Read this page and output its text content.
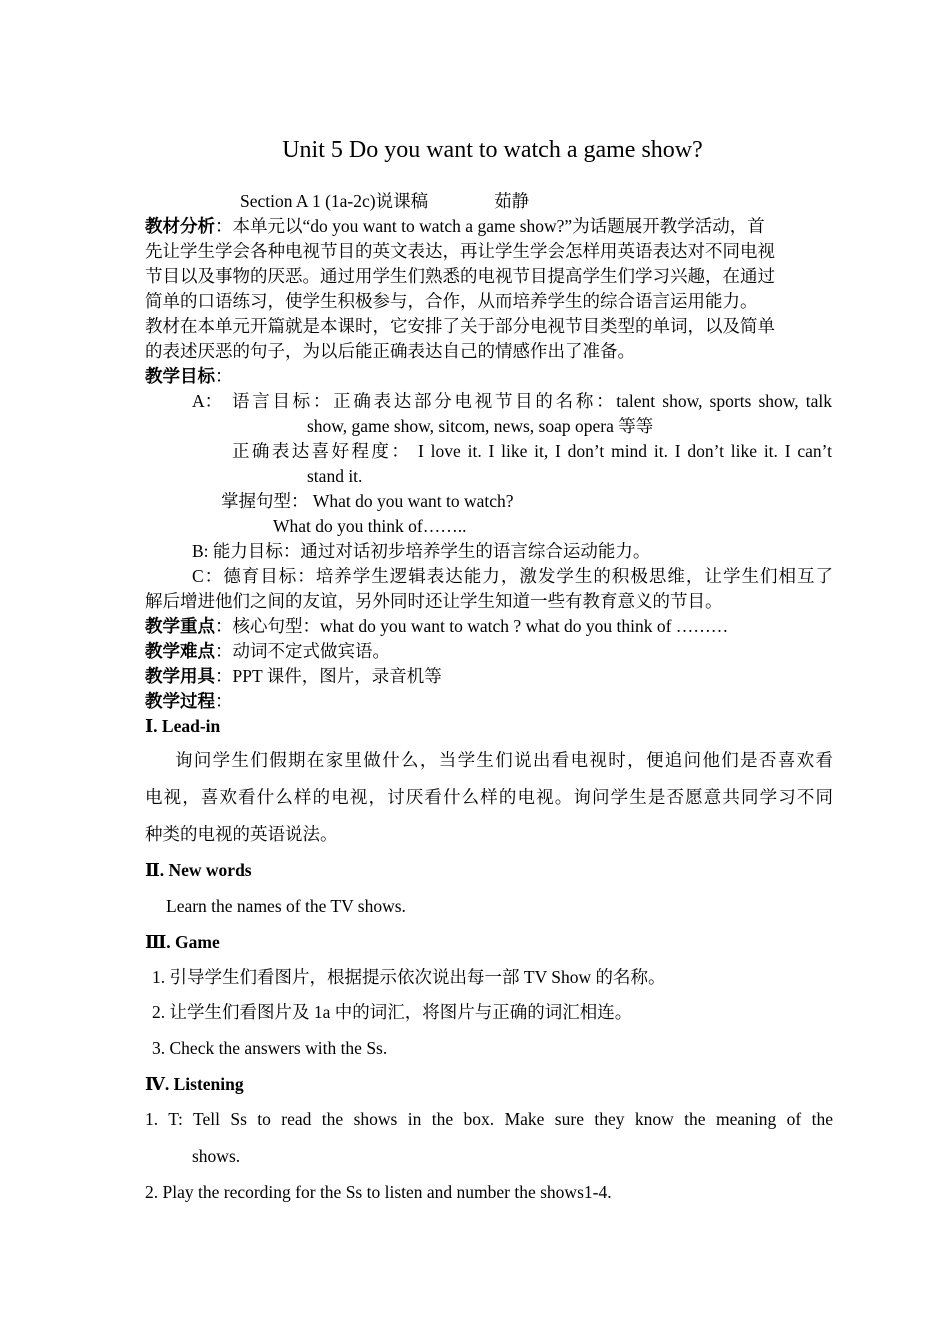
Unit 5 Do you want to watch a game show?
Section A 1 (1a-2c)说课稿	茹静
教材分析：本单元以“do you want to watch a game show?”为话题展开教学活动，首
先让学生学会各种电视节目的英文表达，再让学生学会怎样用英语表达对不同电视
节目以及事物的厌恶。通过用学生们熟悉的电视节目提高学生们学习兴趣，在通过
简单的口语练习，使学生积极参与，合作，从而培养学生的综合语言运用能力。
教材在本单元开篇就是本课时，它安排了关于部分电视节目类型的单词，以及简单
的表述厌恶的句子，为以后能正确表达自己的情感作出了准备。
教学目标：
A： 语言目标：正确表达部分电视节目的名称：talent show, sports show, talk
show, game show, sitcom, news, soap opera 等等
正确表达喜好程度： I love it. I like it, I don’t mind it. I don’t like it. I can’t
stand it.
掌握句型： What do you want to watch?
What do you think of……..
B: 能力目标：通过对话初步培养学生的语言综合运动能力。
C：德育目标：培养学生逻辑表达能力，激发学生的积极思维，让学生们相互了
解后增进他们之间的友谊，另外同时还让学生知道一些有教育意义的节目。
教学重点：核心句型：what do you want to watch ? what do you think of ………
教学难点：动词不定式做宾语。
教学用具：PPT 课件，图片，录音机等
教学过程：
Ⅰ. Lead-in
询问学生们假期在家里做什么，当学生们说出看电视时，便追问他们是否喜欢看
电视，喜欢看什么样的电视，讨厌看什么样的电视。询问学生是否愿意共同学习不同
种类的电视的英语说法。
Ⅱ. New words
Learn the names of the TV shows.
Ⅲ. Game
1. 引导学生们看图片，根据提示依次说出每一部 TV Show 的名称。
2. 让学生们看图片及 1a 中的词汇，将图片与正确的词汇相连。
3. Check the answers with the Ss.
Ⅳ. Listening
1. T: Tell Ss to read the shows in the box. Make sure they know the meaning of the
shows.
2. Play the recording for the Ss to listen and number the shows1-4.
